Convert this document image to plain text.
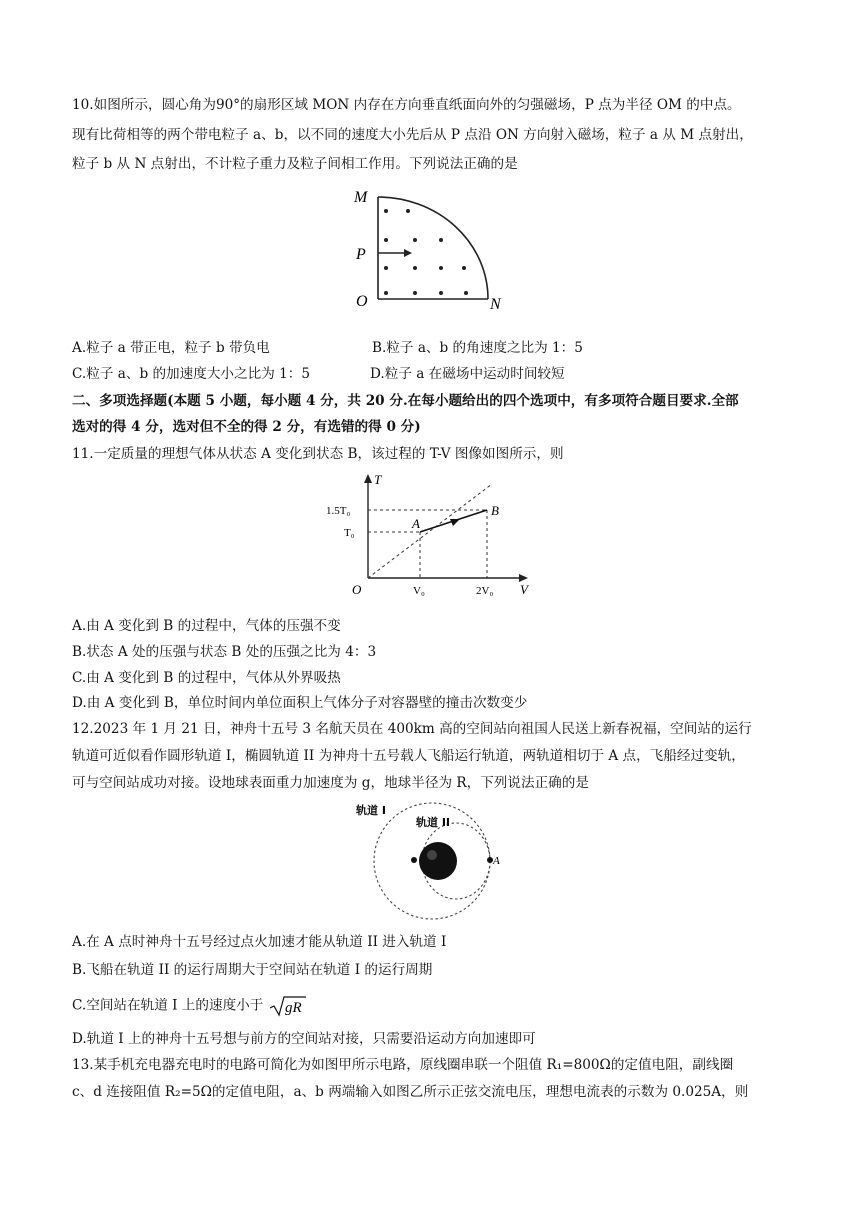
10.如图所示，圆心角为90°的扇形区域 MON 内存在方向垂直纸面向外的匀强磁场，P 点为半径 OM 的中点。
现有比荷相等的两个带电粒子 a、b，以不同的速度大小先后从 P 点沿 ON 方向射入磁场，粒子 a 从 M 点射出，
粒子 b 从 N 点射出，不计粒子重力及粒子间相工作用。下列说法正确的是
M
P
O	N
A.粒子 a 带正电，粒子 b 带负电	B.粒子 a、b 的角速度之比为 1：5
C.粒子 a、b 的加速度大小之比为 1：5	D.粒子 a 在磁场中运动时间较短
二、多项选择题(本题 5 小题，每小题 4 分，共 20 分.在每小题给出的四个选项中，有多项符合题目要求.全部
选对的得 4 分，选对但不全的得 2 分，有选错的得 0 分)
11.一定质量的理想气体从状态 A 变化到状态 B，该过程的 T-V 图像如图所示，则
T
V
O
A
B
1.5T₀
T₀
V₀	2V₀
A.由 A 变化到 B 的过程中，气体的压强不变
B.状态 A 处的压强与状态 B 处的压强之比为 4：3
C.由 A 变化到 B 的过程中，气体从外界吸热
D.由 A 变化到 B，单位时间内单位面积上气体分子对容器壁的撞击次数变少
12.2023 年 1 月 21 日，神舟十五号 3 名航天员在 400km 高的空间站向祖国人民送上新春祝福，空间站的运行
轨道可近似看作圆形轨道 I，椭圆轨道 II 为神舟十五号载人飞船运行轨道，两轨道相切于 A 点，飞船经过变轨，
可与空间站成功对接。设地球表面重力加速度为 g，地球半径为 R，下列说法正确的是
轨道 I
轨道 II
A
A.在 A 点时神舟十五号经过点火加速才能从轨道 II 进入轨道 I
B.飞船在轨道 II 的运行周期大于空间站在轨道 I 的运行周期
C.空间站在轨道 I 上的速度小于 gR
D.轨道 I 上的神舟十五号想与前方的空间站对接，只需要沿运动方向加速即可
13.某手机充电器充电时的电路可简化为如图甲所示电路，原线圈串联一个阻值 R₁=800Ω的定值电阻，副线圈
c、d 连接阻值 R₂=5Ω的定值电阻，a、b 两端输入如图乙所示正弦交流电压，理想电流表的示数为 0.025A，则
